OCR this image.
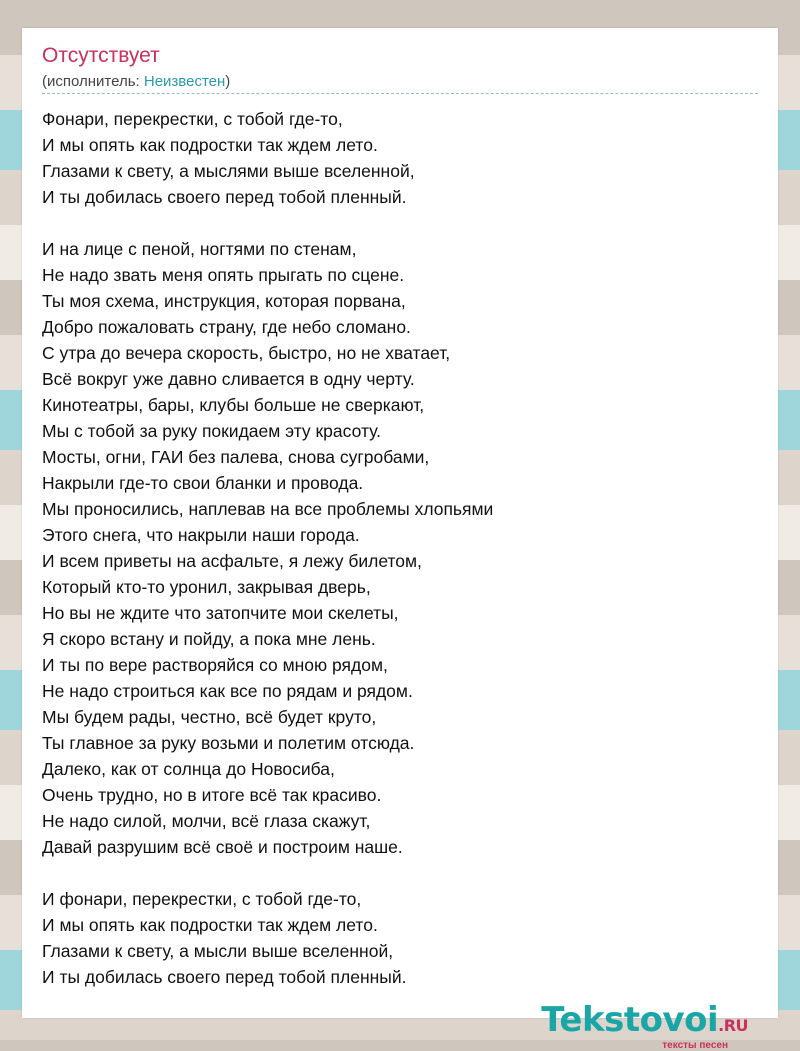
Отсутствует
(исполнитель: Неизвестен)
Фонари, перекрестки, с тобой где-то,
И мы опять как подростки так ждем лето.
Глазами к свету, а мыслями выше вселенной,
И ты добилась своего перед тобой пленный.
И на лице с пеной, ногтями по стенам,
Не надо звать меня опять прыгать по сцене.
Ты моя схема, инструкция, которая порвана,
Добро пожаловать страну, где небо сломано.
С утра до вечера скорость, быстро, но не хватает,
Всё вокруг уже давно сливается в одну черту.
Кинотеатры, бары, клубы больше не сверкают,
Мы с тобой за руку покидаем эту красоту.
Мосты, огни, ГАИ без палева, снова сугробами,
Накрыли где-то свои бланки и провода.
Мы проносились, наплевав на все проблемы хлопьями
Этого снега, что накрыли наши города.
И всем приветы на асфальте, я лежу билетом,
Который кто-то уронил, закрывая дверь,
Но вы не ждите что затопчите мои скелеты,
Я скоро встану и пойду, а пока мне лень.
И ты по вере растворяйся со мною рядом,
Не надо строиться как все по рядам и рядом.
Мы будем рады, честно, всё будет круто,
Ты главное за руку возьми и полетим отсюда.
Далеко, как от солнца до Новосиба,
Очень трудно, но в итоге всё так красиво.
Не надо силой, молчи, всё глаза скажут,
Давай разрушим всё своё и построим наше.
И фонари, перекрестки, с тобой где-то,
И мы опять как подростки так ждем лето.
Глазами к свету, а мысли выше вселенной,
И ты добилась своего перед тобой пленный.
Tekstovoi.RU
тексты песен
